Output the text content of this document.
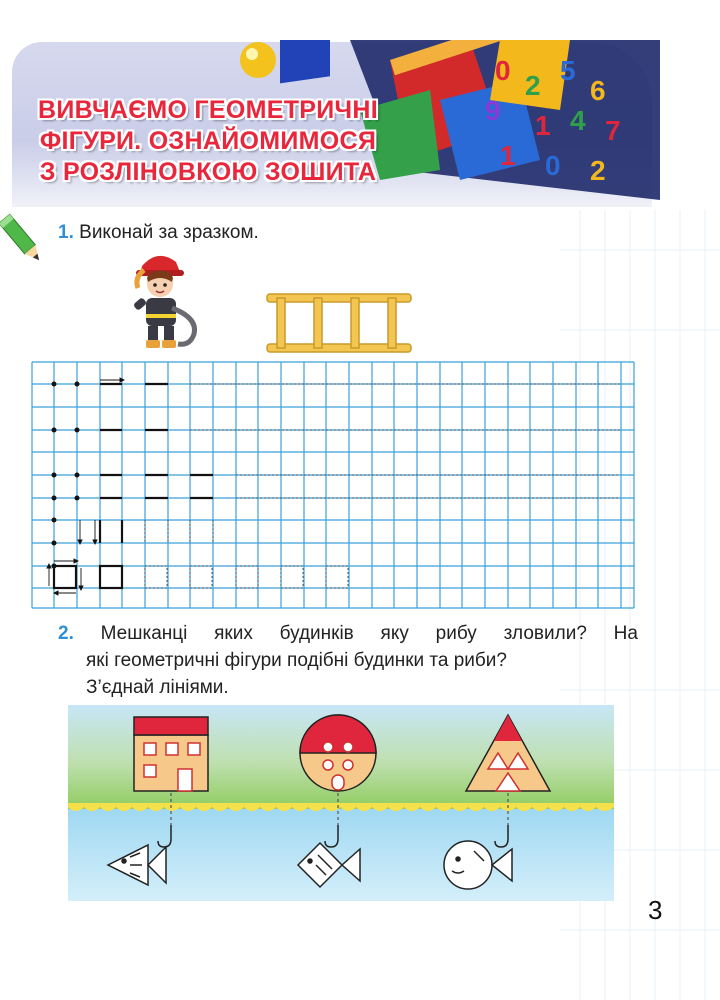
0 2 5
6
9 1 4 7
1 0 2
ВИВЧАЄМО ГЕОМЕТРИЧНІ
ФІГУРИ. ОЗНАЙОМИМОСЯ
З РОЗЛІНОВКОЮ ЗОШИТА

1. Виконай за зразком.

2. Мешканці яких будинків яку рибу зловили? На
які геометричні фігури подібні будинки та риби?
З’єднай лініями.

3
